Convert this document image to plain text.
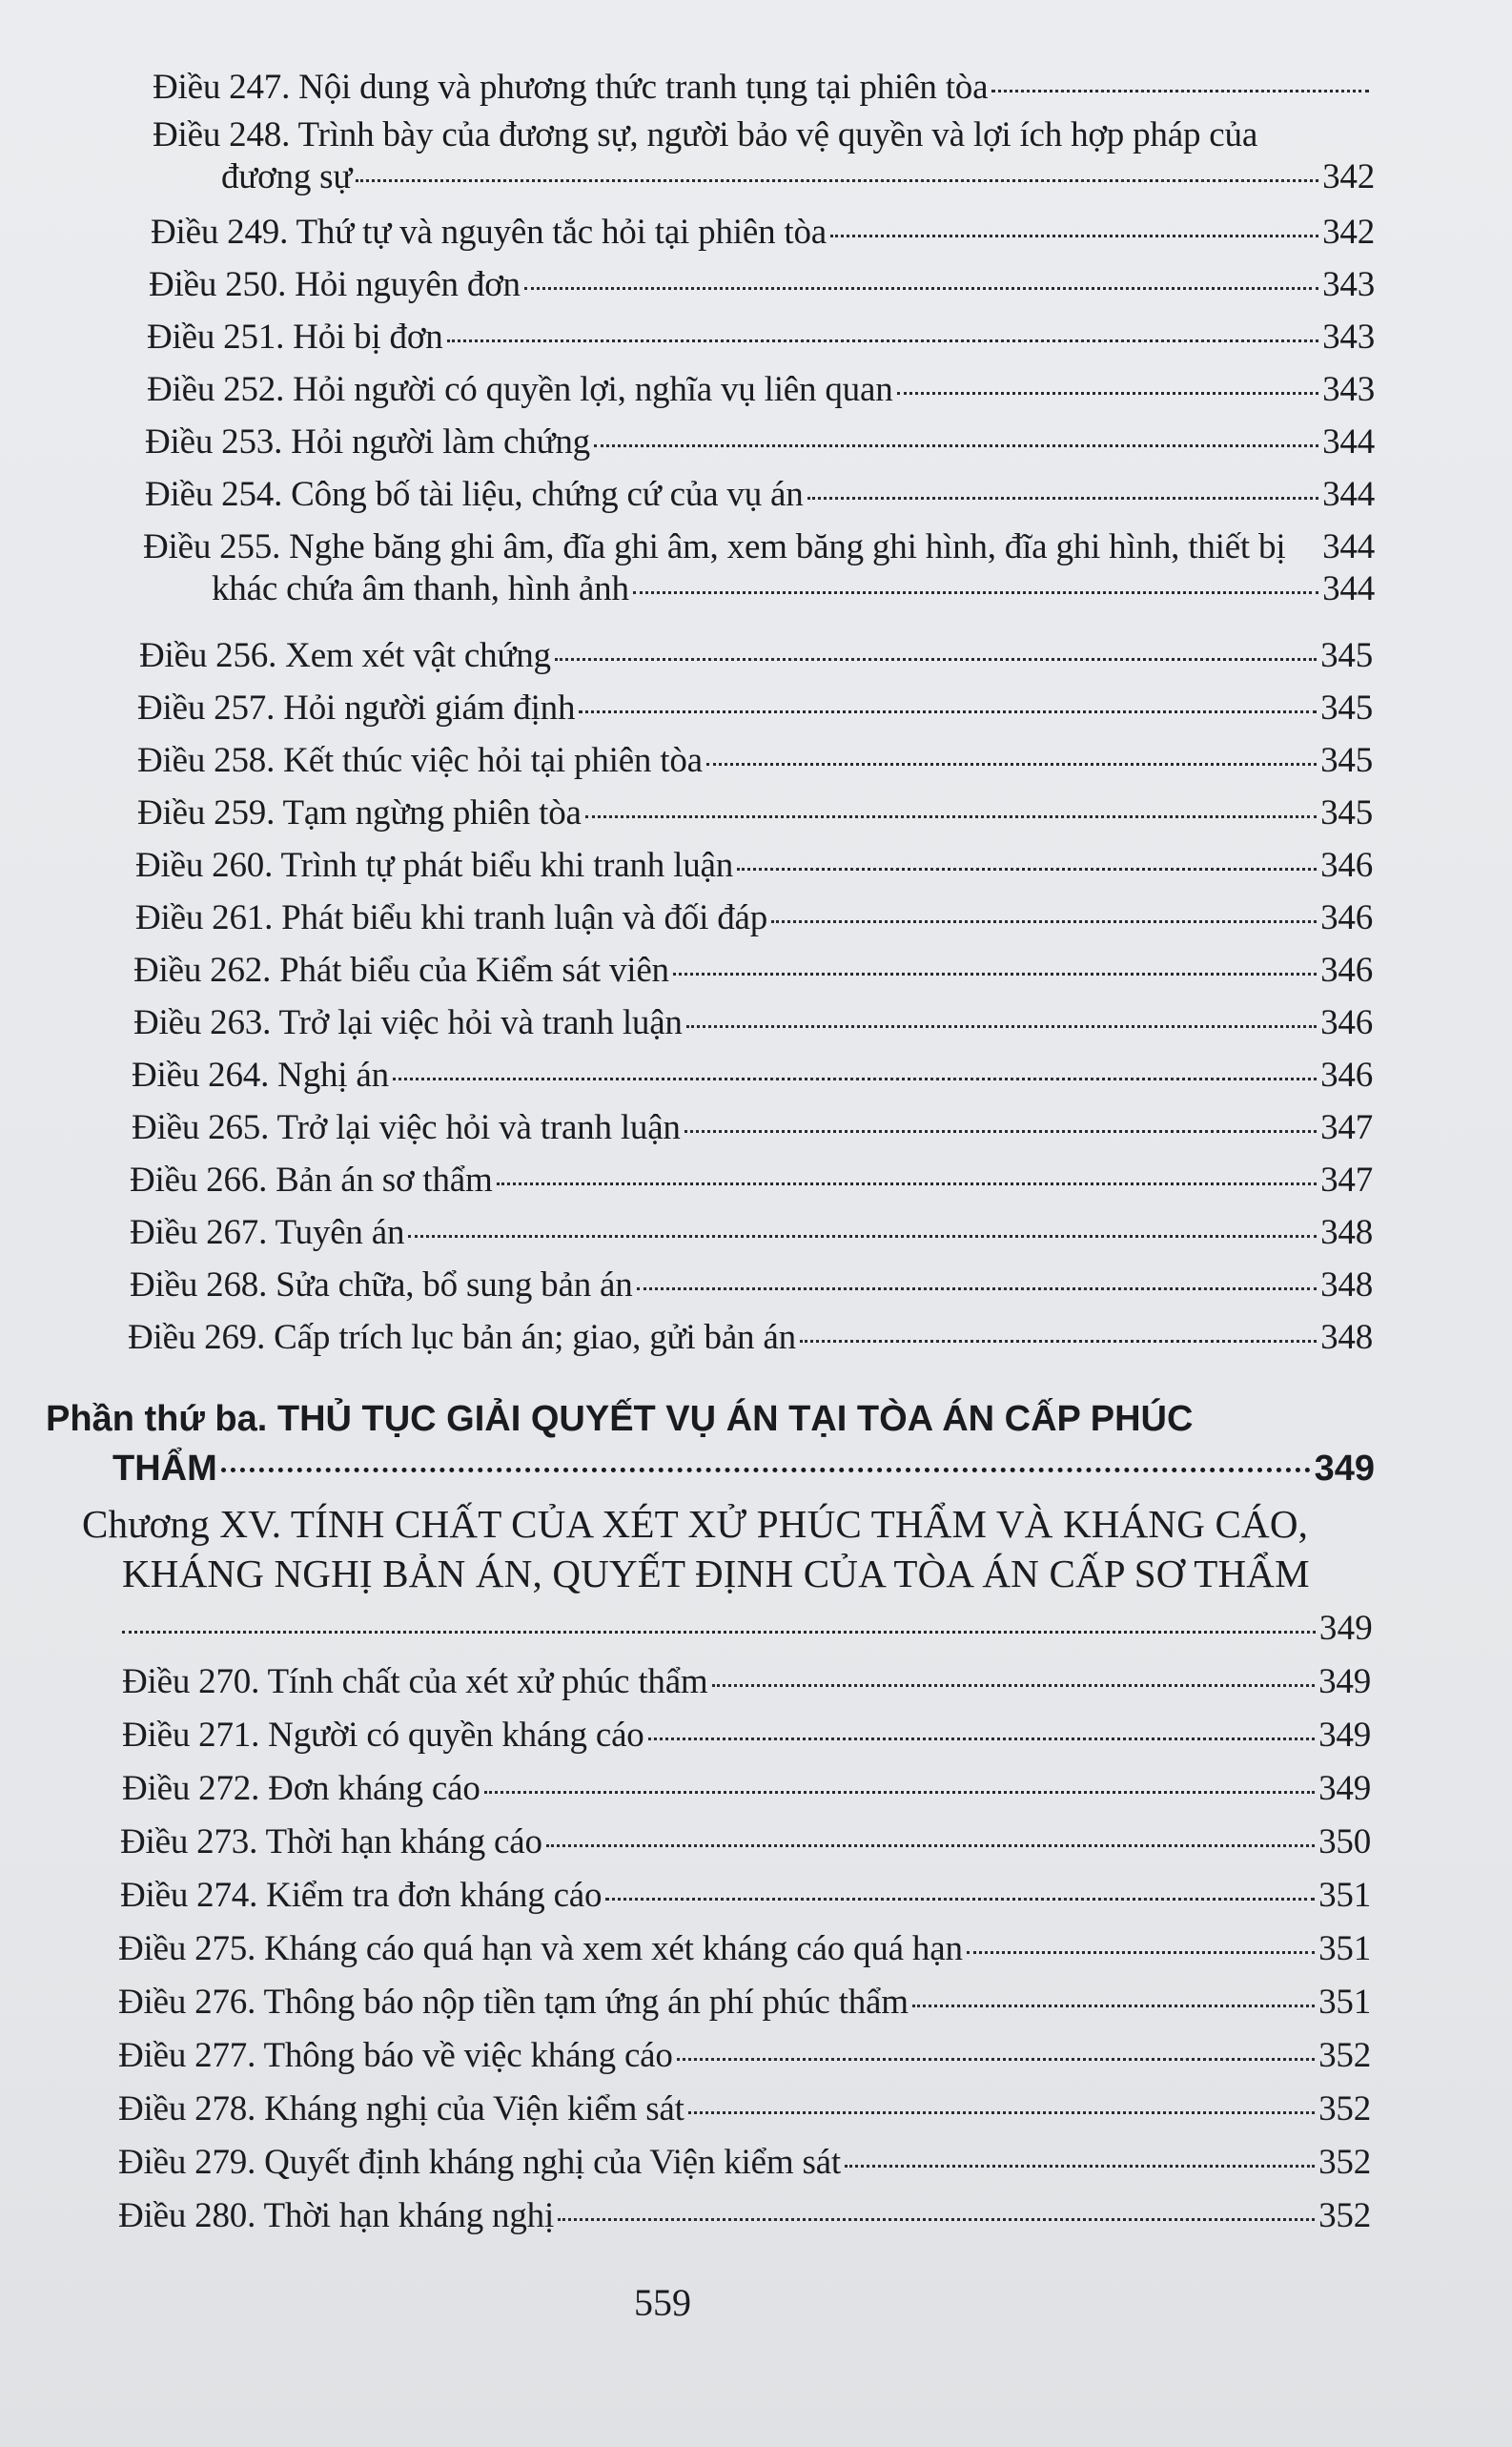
Điều 247. Nội dung và phương thức tranh tụng tại phiên tòa
Điều 248. Trình bày của đương sự, người bảo vệ quyền và lợi ích hợp pháp của
đương sự	342
Điều 249. Thứ tự và nguyên tắc hỏi tại phiên tòa	342
Điều 250. Hỏi nguyên đơn	343
Điều 251. Hỏi bị đơn	343
Điều 252. Hỏi người có quyền lợi, nghĩa vụ liên quan	343
Điều 253. Hỏi người làm chứng	344
Điều 254. Công bố tài liệu, chứng cứ của vụ án	344
Điều 255. Nghe băng ghi âm, đĩa ghi âm, xem băng ghi hình, đĩa ghi hình, thiết bị 344
khác chứa âm thanh, hình ảnh	344
Điều 256. Xem xét vật chứng	345
Điều 257. Hỏi người giám định	345
Điều 258. Kết thúc việc hỏi tại phiên tòa	345
Điều 259. Tạm ngừng phiên tòa	345
Điều 260. Trình tự phát biểu khi tranh luận	346
Điều 261. Phát biểu khi tranh luận và đối đáp	346
Điều 262. Phát biểu của Kiểm sát viên	346
Điều 263. Trở lại việc hỏi và tranh luận	346
Điều 264. Nghị án	346
Điều 265. Trở lại việc hỏi và tranh luận	347
Điều 266. Bản án sơ thẩm	347
Điều 267. Tuyên án	348
Điều 268. Sửa chữa, bổ sung bản án	348
Điều 269. Cấp trích lục bản án; giao, gửi bản án	348
Phần thứ ba. THỦ TỤC GIẢI QUYẾT VỤ ÁN TẠI TÒA ÁN CẤP PHÚC
THẨM	349
Chương XV. TÍNH CHẤT CỦA XÉT XỬ PHÚC THẨM VÀ KHÁNG CÁO,
KHÁNG NGHỊ BẢN ÁN, QUYẾT ĐỊNH CỦA TÒA ÁN CẤP SƠ THẨM
349
Điều 270. Tính chất của xét xử phúc thẩm	349
Điều 271. Người có quyền kháng cáo	349
Điều 272. Đơn kháng cáo	349
Điều 273. Thời hạn kháng cáo	350
Điều 274. Kiểm tra đơn kháng cáo	351
Điều 275. Kháng cáo quá hạn và xem xét kháng cáo quá hạn	351
Điều 276. Thông báo nộp tiền tạm ứng án phí phúc thẩm	351
Điều 277. Thông báo về việc kháng cáo	352
Điều 278. Kháng nghị của Viện kiểm sát	352
Điều 279. Quyết định kháng nghị của Viện kiểm sát	352
Điều 280. Thời hạn kháng nghị	352
559
